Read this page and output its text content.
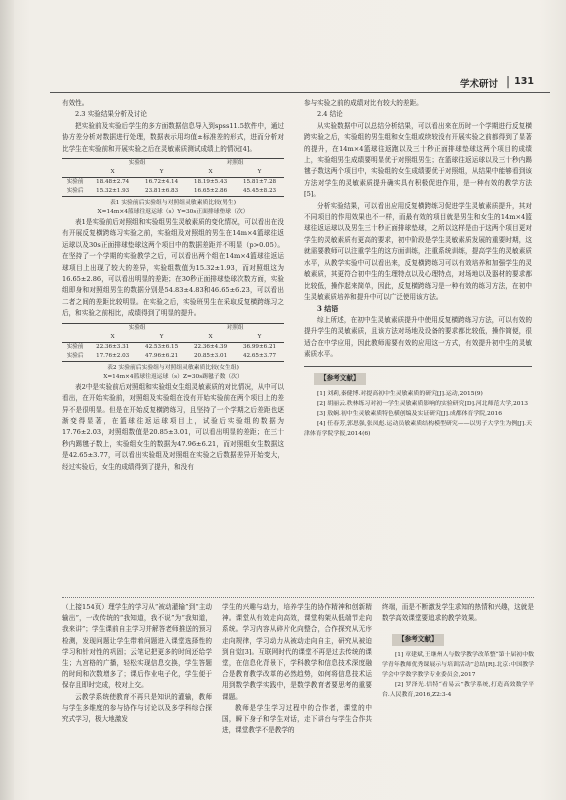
学术研讨 | 131

有效性。

2.3 实验结果分析及讨论

把实验前及实验后学生的多方面数据信息导入到spss11.5软件中，通过协方差分析对数据进行处理，数据表示用均值±标准差的形式，进而分析对比学生在实验前和开展实验之后在灵敏素质测试成绩上的情况[4]。

	实验组		对照组	
	X	Y	X	Y
实验前	18.48±2.74	16.72±4.14	18.19±5.43	15.81±7.28
实验后	15.32±1.93	23.81±6.83	16.65±2.86	45.45±8.23
表1 实验前后实验组与对照组灵敏素质比较(男生)
X=14m×4篮球往返运球（s）Y=30s正面排球垫球（次）

表1是实验前后对照组和实验组男生灵敏素质的变化情况，可以看出在没有开展反复横跨练习实验之前，实验组及对照组的男生在14m×4篮球往返运球以及30s正面排球垫球这两个项目中的数据差距并不明显（p>0.05）。在坚持了一个学期的实验教学之后，可以看出两个组在14m×4篮球往返运球项目上出现了较大的差异，实验组数值为15.32±1.93，而对照组这为16.65±2.86，可以看出明显的差距；在30秒正面排球垫球次数方面，实验组即身和对照组男生的数据分别是54.83±4.83和46.65±6.23，可以看出二者之间的差距比较明显。在实验之后，实验班男生在采取反复横跨练习之后，和实验之前相比，成绩得到了明显的提升。

	实验组		对照组	
	X	Y	X	Y
实验前	22.36±3.31	42.53±6.15	22.36±4.39	36.99±6.21
实验后	17.76±2.03	47.96±6.21	20.85±3.01	42.65±3.77
表2 实验前后实验组与对照组灵敏素质比较(女生组)
X=14m×4篮球往返运球（s）Z=30s踢毽子数（次）

表2中是实验前后对照组和实验组女生组灵敏素质的对比情况，从中可以看出，在开始实验前，对照组及实验组在没有开始实验前在两个项目上的差异不是很明显。但是在开始反复横跨练习，且坚持了一个学期之后差距也逐渐变得显著，在篮球往返运球项目上，试验后实验组的数据为17.76±2.03，对照组数值是20.85±3.01，可以看出明显的差距；在三十秒内踢毽子数上，实验组女生的数据为47.96±6.21，而对照组女生数据这是42.65±3.77，可以看出实验组及对照组在实验之后数据差异开始变大，经过实验后，女生的成绩得到了提升，和没有

参与实验之前的成绩对比有较大的差距。

2.4 结论

从实验数据中可以总结分析结果，可以看出来在历时一个学期进行反复横跨实验之后，实验组的男生组和女生组或续较没有开展实验之前都得到了显著的提升，在14m×4篮球往返跑以及三十秒正面排球垫球这两个项目的成绩上，实验组男生成绩要明显优于对照组男生；在篮球往返运球以及三十秒内踢毽子数这两个项目中，实验组的女生成绩要优于对照组，从结果中能够看到该方法对学生的灵敏素质提升确实具有积极促进作用，是一种有效的教学方法[5]。

分析实验结果，可以看出应用反复横跨练习促进学生灵敏素质提升，其对不同项目的作用效果也不一样，而最有效的项目就是男生和女生的14m×4篮球往返运球以及男生三十秒正面排球垫球，之所以这样是由于这两个项目更对学生的灵敏素质有更高的要求，初中阶段是学生灵敏素质发展的重要时期，这就需要教师可以注重学生的这方面训练，注重系统训练，提高学生的灵敏素质水平，从教学实验中可以看出来，反复横跨练习可以有效培养和加强学生的灵敏素质，其更符合初中生的生理特点以及心理特点，对场地以及器材的要求都比较低，操作起来简单，因此，反复横跨练习是一种有效的练习方法，在初中生灵敏素质培养和提升中可以广泛使用该方法。

3 结语

综上所述，在初中生灵敏素质提升中使用反复横跨练习方法，可以有效的提升学生的灵敏素质，且该方法对场地及设备的要求都比较低，操作简便，很适合在中学应用，因此教师需要有效的应用这一方式，有效提升初中生的灵敏素质水平。

【参考文献】

[1] 刘莉,秦健博.对提高初中生灵敏素质的研究[J].运动,2015(9)

[2] 胡丽云.秩林练习对初一学生灵敏素质影响的实验研究[D].河北师范大学,2013

[3] 敖娴.初中生灵敏素质特色横创编及实证研究[J].成都体育学院,2016

[4] 任春芳,郭思强,张凤彪.运动员敏素质结构模型研究——以男子大学生为例[J].天津体育学院学报,2014(6)

（上接154页）理学生的学习从“被动灌输”到“主动输出”，一改传统的“我知道，我不说”为“我知道，我来讲”；学生课前自主学习并解答老师推送的预习检测，发现问题让学生带着问题进入课堂选择性的学习和针对性的巩固；云笔记把更多的时间还给学生；九宫格的广播，轻松实现信息交换，学生答题的时间和次数增多了；课后作业电子化，学生便于保存且即时完成，校对上交。

云教学系统使教育不再只是知识的灌输，教师与学生多维度的参与协作与讨论以及多学科综合探究式学习，极大地激发

学生的兴趣与动力，培养学生的协作精神和创新精神。课堂从有效走向高效，课堂构架从低端节走向系统。学习内容从碎片化向整合，合作探究从无序走向规律，学习动力从被动走向自主，研究从被迫到自觉[3]。互联网时代的课堂不再是过去传统的课堂，在信息化背景下，学科教学和信息技术深度融合是教育教学改革的必然趋势，如何将信息技术运用到数学教学实践中，是数学教育者要思考的重要课题。

教师是学生学习过程中的合作者，课堂的中国，瞬下身子和学生对话，走下讲台与学生合作共进，课堂教学不是教学的

终端，而是不断激发学生求知的热情和兴趣，这就是数学高效课堂要追求的教学效果。

【参考文献】

[1] 章建斌,王继州人与数学教学改革整“第十届初中数学青年教师优秀课展示与培训活动”总结[R].北京:中国教学学会中学数学教学专业委员会,2017

[2] 罗泽光.信特“看易云”教学系统,打造高效数学平台.人民教育,2016,Z2:3-4
